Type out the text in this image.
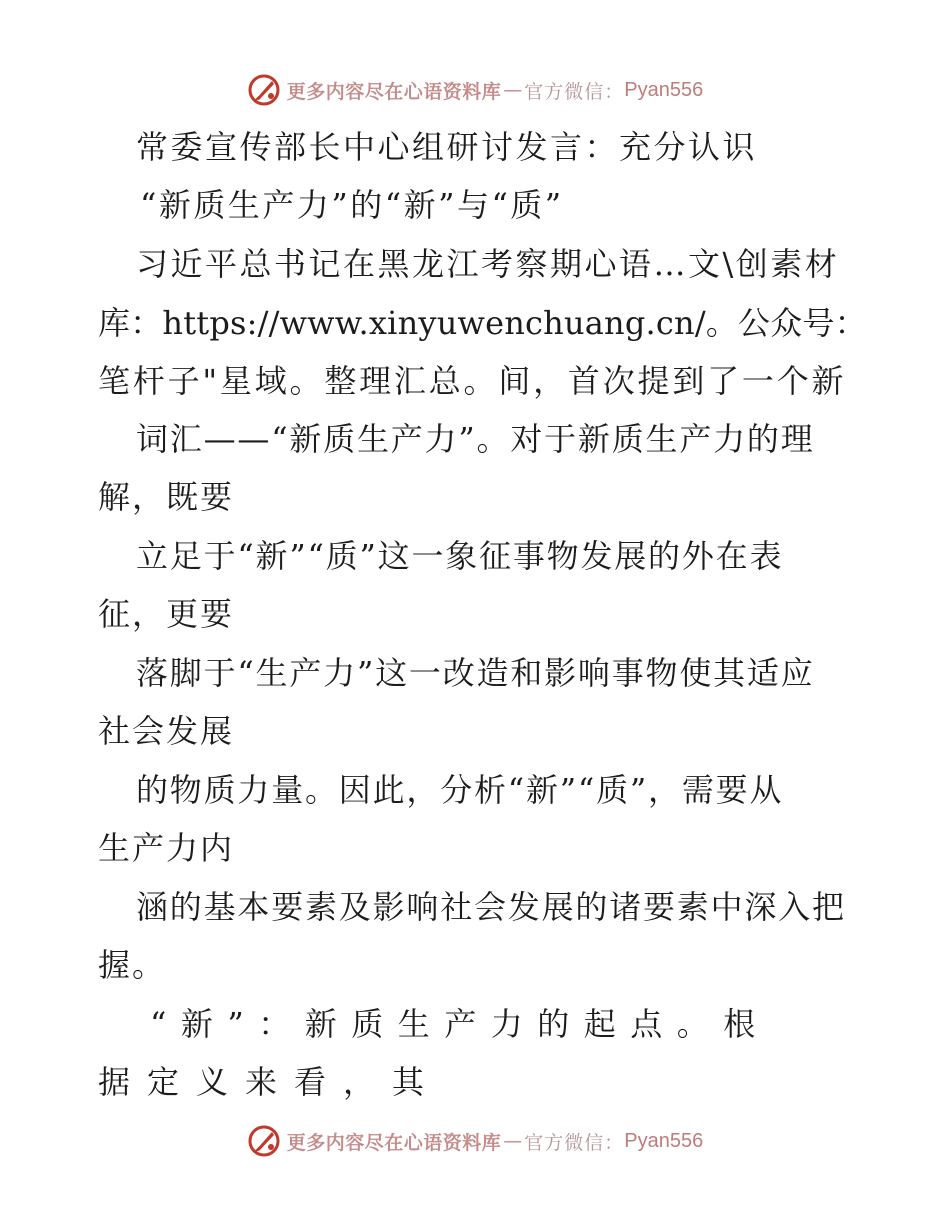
更多内容尽在心语资料库 — 官方微信： Pyan556
常委宣传部长中心组研讨发言：充分认识
“新质生产力”的“新”与“质”
习近平总书记在黑龙江考察期心语…文\创素材
库：https://www.xinyuwenchuang.cn/。公众号：
笔杆子"星域。整理汇总。间，首次提到了一个新
词汇——“新质生产力”。对于新质生产力的理
解，既要
立足于“新”“质”这一象征事物发展的外在表
征，更要
落脚于“生产力”这一改造和影响事物使其适应
社会发展
的物质力量。因此，分析“新”“质”，需要从
生产力内
涵的基本要素及影响社会发展的诸要素中深入把
握。
“新”：新质生产力的起点。根
据定义来看，其
更多内容尽在心语资料库 — 官方微信： Pyan556
